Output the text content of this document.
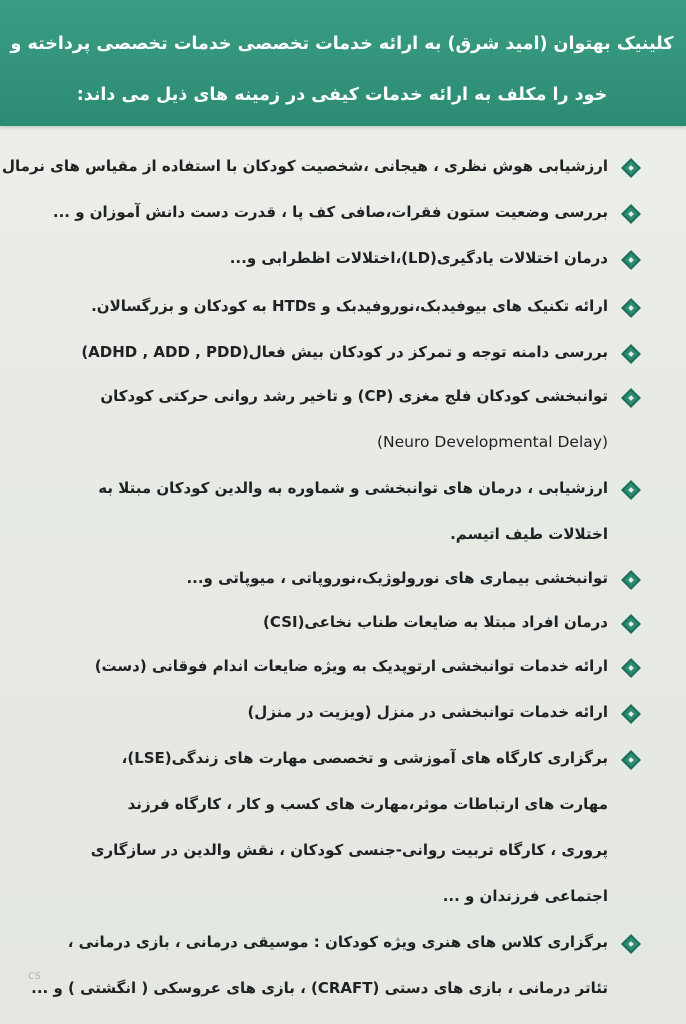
کلینیک بهتوان (امید شرق) به ارائه خدمات تخصصی خدمات تخصصی پرداخته و
خود را مکلف به ارائه خدمات کیفی در زمینه های ذیل می داند:
ارزشیابی هوش نظری ، هیجانی ،شخصیت کودکان با استفاده از مقیاس های نرمال
بررسی وضعیت ستون فقرات،صافی کف پا ، قدرت دست دانش آموزان و ...
درمان اختلالات یادگیری(LD)،اختلالات اظطرابی و...
ارائه تکنیک های بیوفیدبک،نوروفیدبک و HTDs به کودکان و بزرگسالان.
بررسی دامنه توجه و تمرکز در کودکان بیش فعال(ADHD , ADD , PDD)
توانبخشی کودکان فلج مغزی (CP) و تاخیر رشد روانی حرکتی کودکان
(Neuro Developmental Delay)
ارزشیابی ، درمان های توانبخشی و شماوره به والدین کودکان مبتلا به
اختلالات طیف اتیسم.
توانبخشی بیماری های نورولوژیک،نوروپاتی ، میوپاتی و...
درمان افراد مبتلا به ضایعات طناب نخاعی(CSI)
ارائه خدمات توانبخشی ارتوپدیک به ویژه ضایعات اندام فوقانی (دست)
ارائه خدمات توانبخشی در منزل (ویزیت در منزل)
برگزاری کارگاه های آموزشی و تخصصی مهارت های زندگی(LSE)،
مهارت های ارتباطات موثر،مهارت های کسب و کار ، کارگاه فرزند
پروری ، کارگاه تربیت روانی-جنسی کودکان ، نقش والدین در سازگاری
اجتماعی فرزندان و ...
برگزاری کلاس های هنری ویژه کودکان : موسیقی درمانی ، بازی درمانی ،
تئاتر درمانی ، بازی های دستی (CRAFT) ، بازی های عروسکی ( انگشتی ) و ...
cs
